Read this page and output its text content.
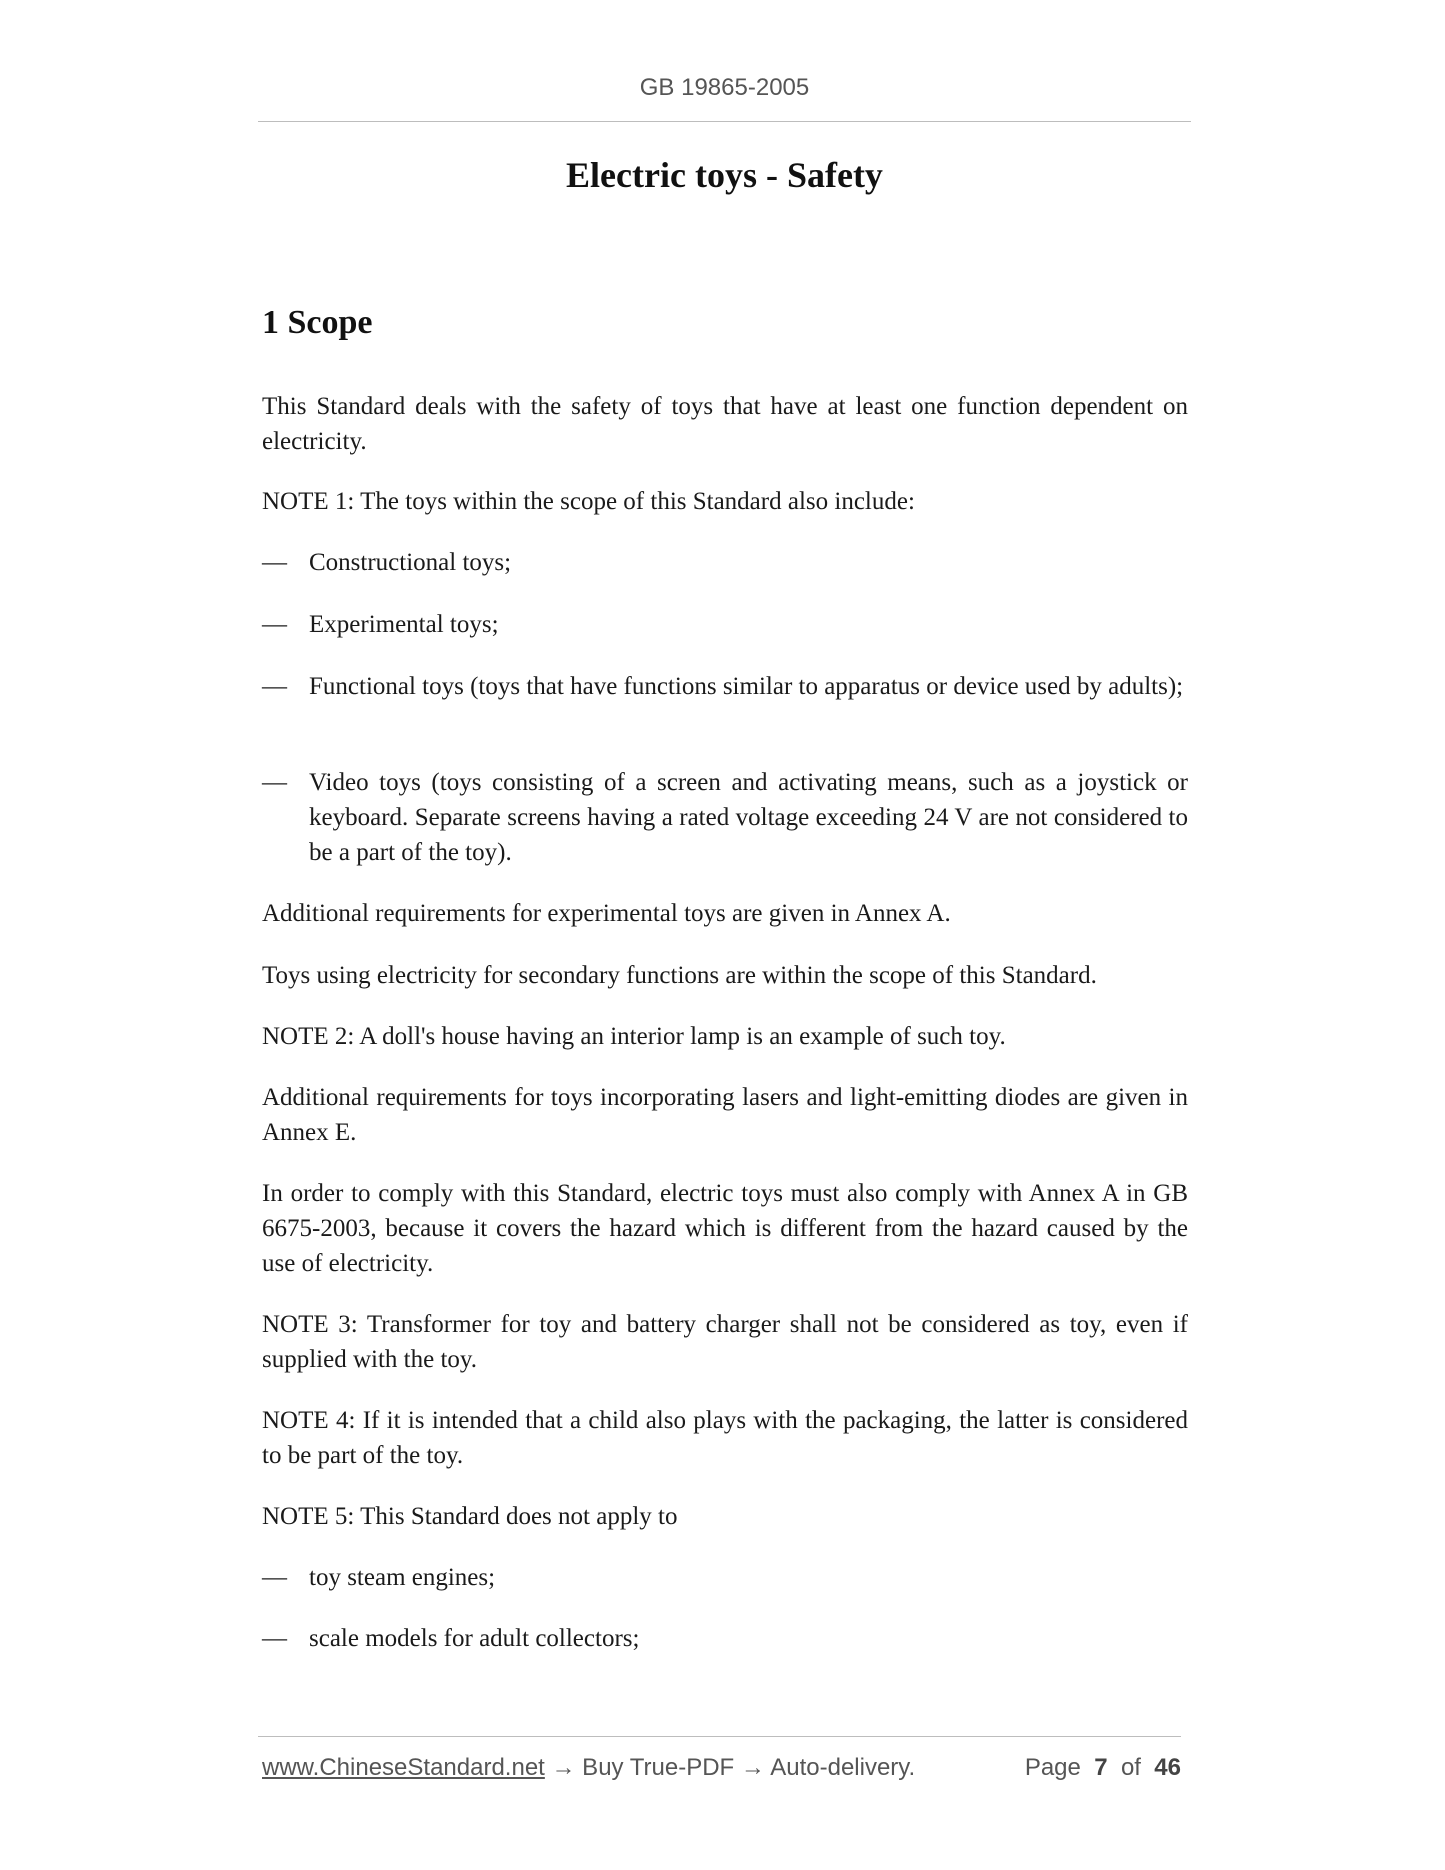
GB 19865-2005
Electric toys - Safety
1 Scope

This Standard deals with the safety of toys that have at least one function dependent on electricity.

NOTE 1: The toys within the scope of this Standard also include:

— Constructional toys;
— Experimental toys;
— Functional toys (toys that have functions similar to apparatus or device used by adults);
— Video toys (toys consisting of a screen and activating means, such as a joystick or keyboard. Separate screens having a rated voltage exceeding 24 V are not considered to be a part of the toy).

Additional requirements for experimental toys are given in Annex A.

Toys using electricity for secondary functions are within the scope of this Standard.

NOTE 2: A doll's house having an interior lamp is an example of such toy.

Additional requirements for toys incorporating lasers and light-emitting diodes are given in Annex E.

In order to comply with this Standard, electric toys must also comply with Annex A in GB 6675-2003, because it covers the hazard which is different from the hazard caused by the use of electricity.

NOTE 3: Transformer for toy and battery charger shall not be considered as toy, even if supplied with the toy.

NOTE 4: If it is intended that a child also plays with the packaging, the latter is considered to be part of the toy.

NOTE 5: This Standard does not apply to

— toy steam engines;
— scale models for adult collectors;
www.ChineseStandard.net → Buy True-PDF → Auto-delivery.	Page 7 of 46
